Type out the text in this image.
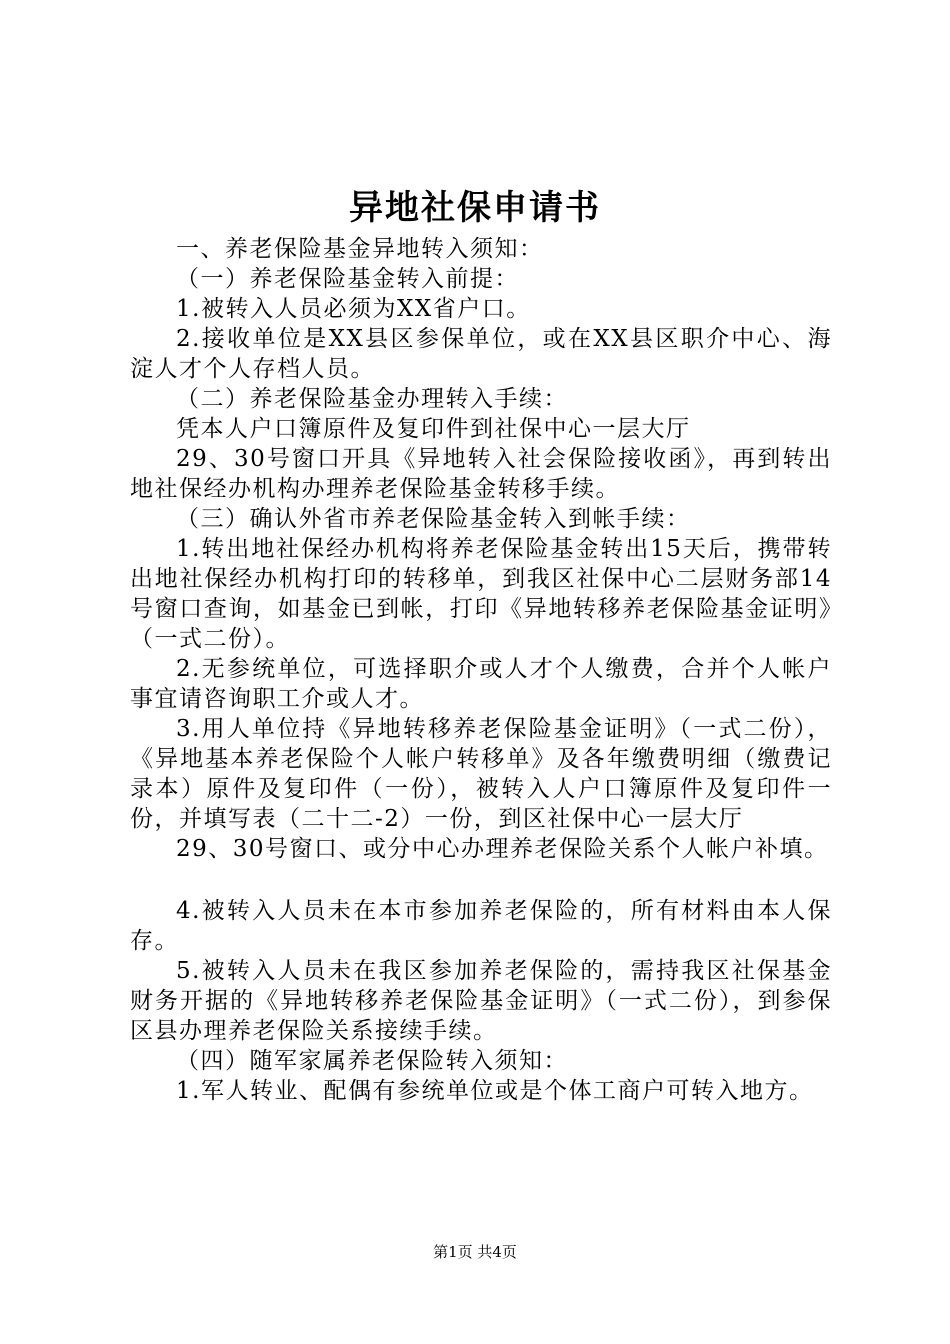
异地社保申请书

一、养老保险基金异地转入须知：

（一）养老保险基金转入前提：

1.被转入人员必须为XX省户口。

2.接收单位是XX县区参保单位，或在XX县区职介中心、海淀人才个人存档人员。

（二）养老保险基金办理转入手续：

凭本人户口簿原件及复印件到社保中心一层大厅

29、30号窗口开具《异地转入社会保险接收函》，再到转出地社保经办机构办理养老保险基金转移手续。

（三）确认外省市养老保险基金转入到帐手续：

1.转出地社保经办机构将养老保险基金转出15天后，携带转出地社保经办机构打印的转移单，到我区社保中心二层财务部14号窗口查询，如基金已到帐，打印《异地转移养老保险基金证明》（一式二份）。

2.无参统单位，可选择职介或人才个人缴费，合并个人帐户事宜请咨询职工介或人才。

3.用人单位持《异地转移养老保险基金证明》（一式二份），《异地基本养老保险个人帐户转移单》及各年缴费明细（缴费记录本）原件及复印件（一份），被转入人户口簿原件及复印件一份，并填写表（二十二-2）一份，到区社保中心一层大厅

29、30号窗口、或分中心办理养老保险关系个人帐户补填。

4.被转入人员未在本市参加养老保险的，所有材料由本人保存。

5.被转入人员未在我区参加养老保险的，需持我区社保基金财务开据的《异地转移养老保险基金证明》（一式二份），到参保区县办理养老保险关系接续手续。

（四）随军家属养老保险转入须知：

1.军人转业、配偶有参统单位或是个体工商户可转入地方。

第1页 共4页
